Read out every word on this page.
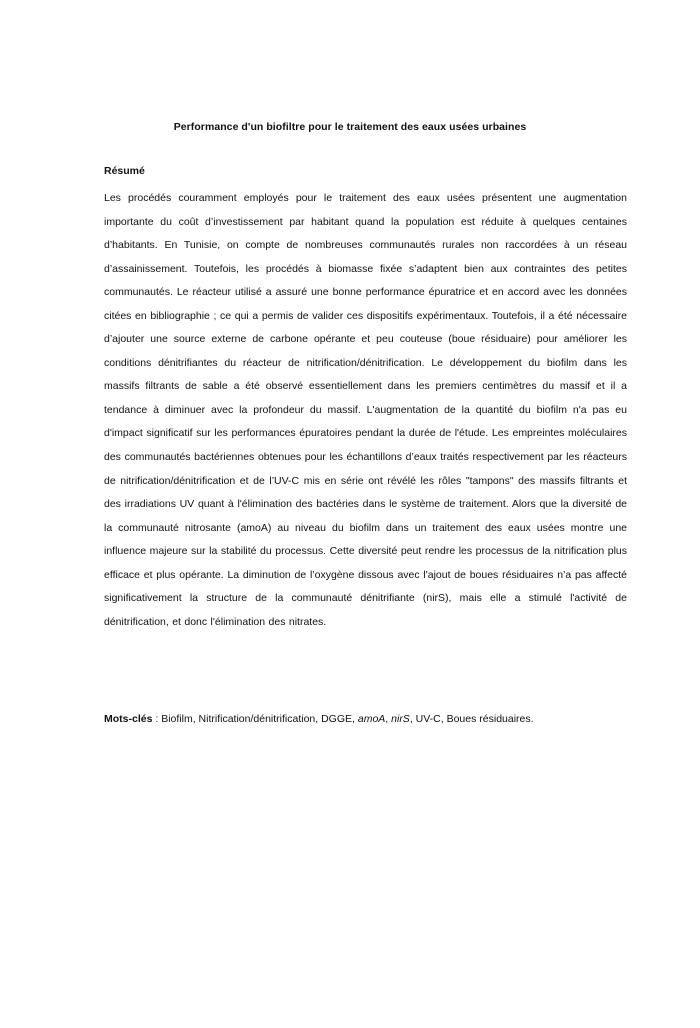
Performance d'un biofiltre pour le traitement des eaux usées urbaines
Résumé

Les procédés couramment employés pour le traitement des eaux usées présentent une augmentation importante du coût d’investissement par habitant quand la population est réduite à quelques centaines d’habitants. En Tunisie, on compte de nombreuses communautés rurales non raccordées à un réseau d’assainissement. Toutefois, les procédés à biomasse fixée s’adaptent bien aux contraintes des petites communautés. Le réacteur utilisé a assuré une bonne performance épuratrice et en accord avec les données citées en bibliographie ; ce qui a permis de valider ces dispositifs expérimentaux. Toutefois, il a été nécessaire d’ajouter une source externe de carbone opérante et peu couteuse (boue résiduaire) pour améliorer les conditions dénitrifiantes du réacteur de nitrification/dénitrification. Le développement du biofilm dans les massifs filtrants de sable a été observé essentiellement dans les premiers centimètres du massif et il a tendance à diminuer avec la profondeur du massif. L'augmentation de la quantité du biofilm n'a pas eu d'impact significatif sur les performances épuratoires pendant la durée de l'étude. Les empreintes moléculaires des communautés bactériennes obtenues pour les échantillons d’eaux traités respectivement par les réacteurs de nitrification/dénitrification et de l’UV-C mis en série ont révélé les rôles "tampons" des massifs filtrants et des irradiations UV quant à l'élimination des bactéries dans le système de traitement. Alors que la diversité de la communauté nitrosante (amoA) au niveau du biofilm dans un traitement des eaux usées montre une influence majeure sur la stabilité du processus. Cette diversité peut rendre les processus de la nitrification plus efficace et plus opérante. La diminution de l’oxygène dissous avec l'ajout de boues résiduaires n’a pas affecté significativement la structure de la communauté dénitrifiante (nirS), mais elle a stimulé l'activité de dénitrification, et donc l'élimination des nitrates.

Mots-clés : Biofilm, Nitrification/dénitrification, DGGE, amoA, nirS, UV-C, Boues résiduaires.
